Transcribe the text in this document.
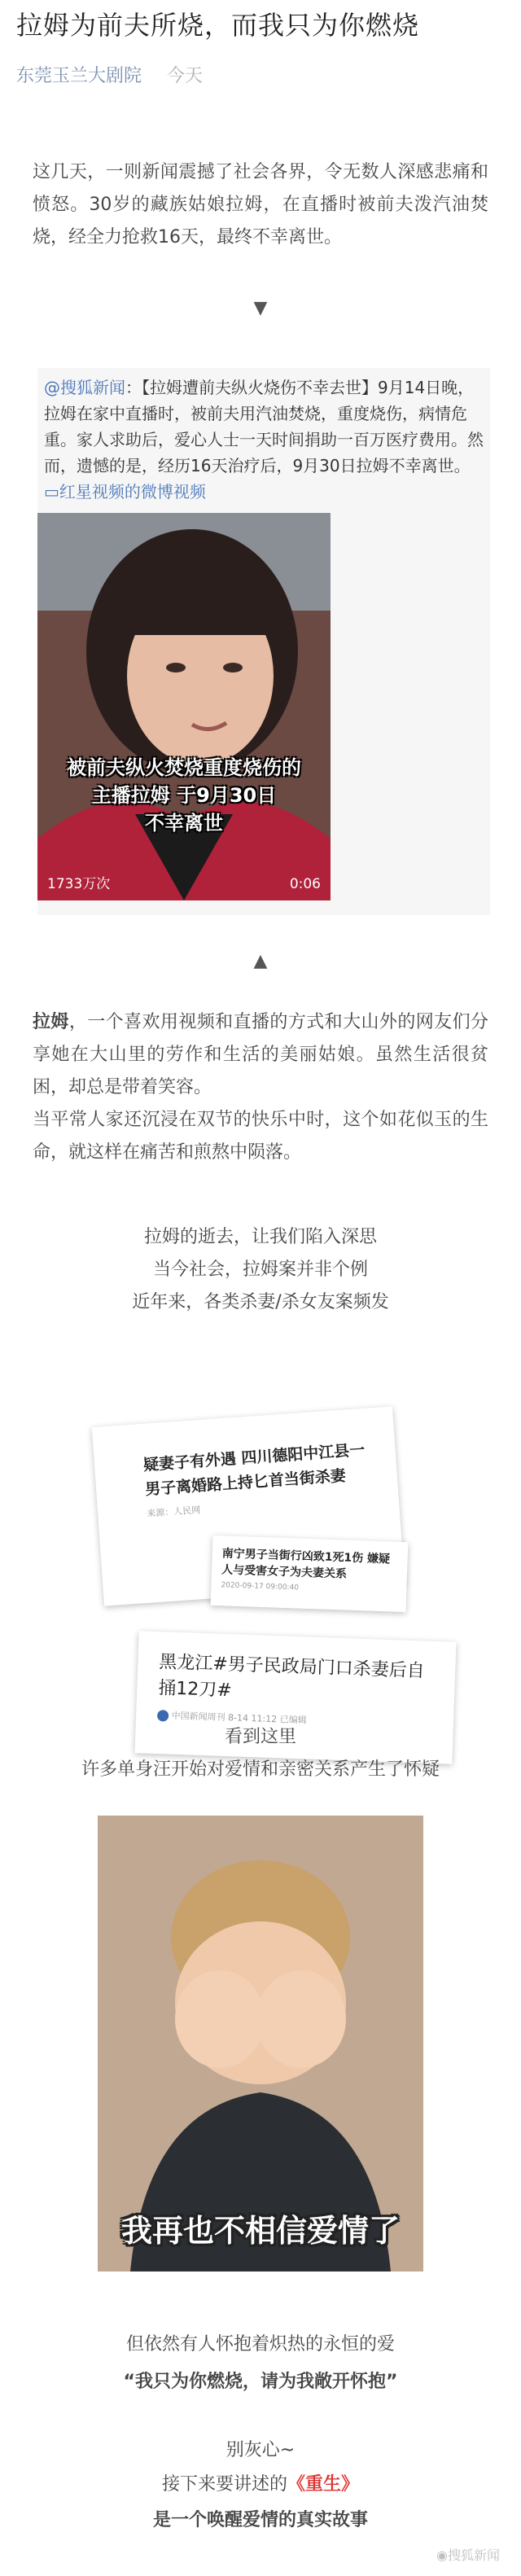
拉姆为前夫所烧，而我只为你燃烧
东莞玉兰大剧院 今天
这几天，一则新闻震撼了社会各界，令无数人深感悲痛和愤怒。30岁的藏族姑娘拉姆，在直播时被前夫泼汽油焚烧，经全力抢救16天，最终不幸离世。
▼
@搜狐新闻：【拉姆遭前夫纵火烧伤不幸去世】9月14日晚，拉姆在家中直播时，被前夫用汽油焚烧，重度烧伤，病情危重。家人求助后，爱心人士一天时间捐助一百万医疗费用。然而，遗憾的是，经历16天治疗后，9月30日拉姆不幸离世。 ▭红星视频的微博视频
被前夫纵火焚烧重度烧伤的
主播拉姆 于9月30日
不幸离世
1733万次	0:06
▲
拉姆，一个喜欢用视频和直播的方式和大山外的网友们分享她在大山里的劳作和生活的美丽姑娘。虽然生活很贫困，却总是带着笑容。
当平常人家还沉浸在双节的快乐中时，这个如花似玉的生命，就这样在痛苦和煎熬中陨落。
拉姆的逝去，让我们陷入深思
当今社会，拉姆案并非个例
近年来，各类杀妻/杀女友案频发
疑妻子有外遇 四川德阳中江县一男子离婚路上持匕首当街杀妻
来源：人民网
南宁男子当街行凶致1死1伤 嫌疑人与受害女子为夫妻关系
2020-09-17 09:00:40
黑龙江#男子民政局门口杀妻后自捅12刀#
中国新闻周刊 8-14 11:12 已编辑
看到这里
许多单身汪开始对爱情和亲密关系产生了怀疑
我再也不相信爱情了
但依然有人怀抱着炽热的永恒的爱
“我只为你燃烧，请为我敞开怀抱”
别灰心~
接下来要讲述的《重生》
是一个唤醒爱情的真实故事
◉搜狐新闻
